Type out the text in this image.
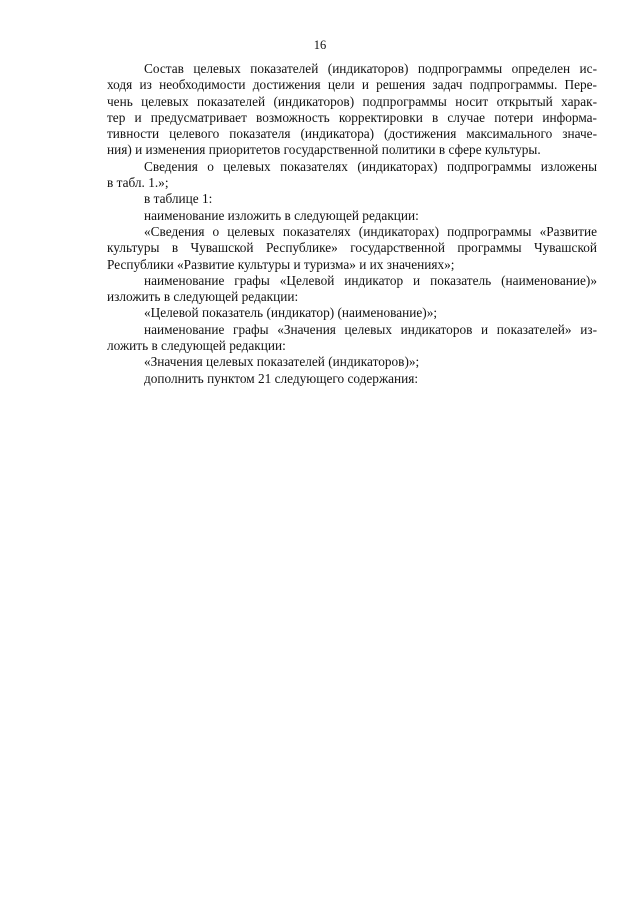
16
Состав целевых показателей (индикаторов) подпрограммы определен ис-
ходя из необходимости достижения цели и решения задач подпрограммы. Пере-
чень целевых показателей (индикаторов) подпрограммы носит открытый харак-
тер и предусматривает возможность корректировки в случае потери информа-
тивности целевого показателя (индикатора) (достижения максимального значе-
ния) и изменения приоритетов государственной политики в сфере культуры.
Сведения о целевых показателях (индикаторах) подпрограммы изложены
в табл. 1.»;
в таблице 1:
наименование изложить в следующей редакции:
«Сведения о целевых показателях (индикаторах) подпрограммы «Развитие
культуры в Чувашской Республике» государственной программы Чувашской
Республики «Развитие культуры и туризма» и их значениях»;
наименование графы «Целевой индикатор и показатель (наименование)»
изложить в следующей редакции:
«Целевой показатель (индикатор) (наименование)»;
наименование графы «Значения целевых индикаторов и показателей» из-
ложить в следующей редакции:
«Значения целевых показателей (индикаторов)»;
дополнить пунктом 21 следующего содержания:
